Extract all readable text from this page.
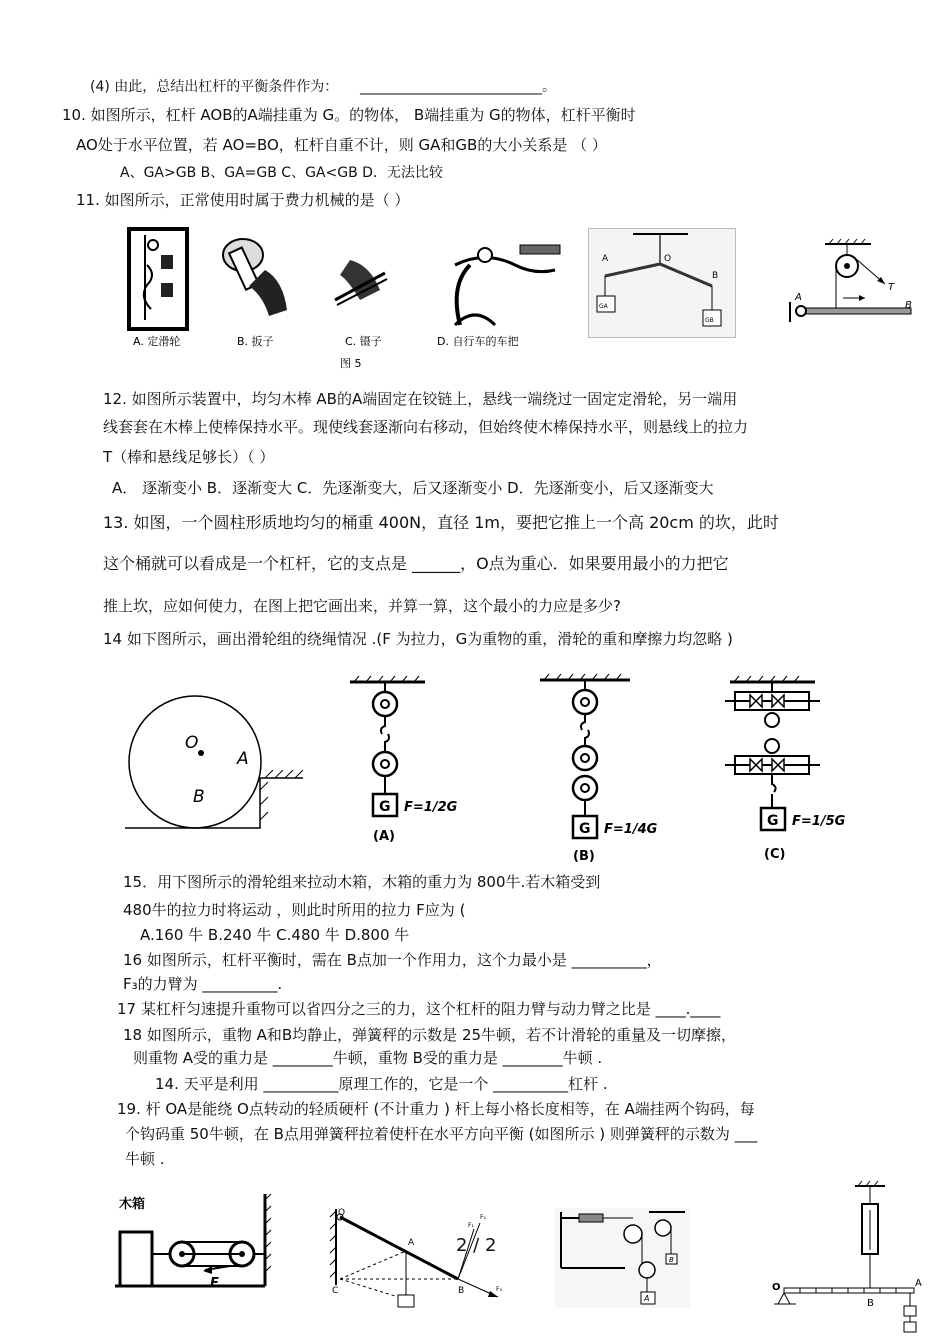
(4) 由此，总结出杠杆的平衡条件作为： __________________________。
10. 如图所示，杠杆 AOB的A端挂重为 G。的物体， B端挂重为 G的物体，杠杆平衡时
AO处于水平位置，若 AO=BO，杠杆自重不计，则 GA和GB的大小关系是 （ ）
A、GA>GB B、GA=GB C、GA<GB D．无法比较
11. 如图所示，正常使用时属于费力机械的是（ ）
12. 如图所示装置中，均匀木棒 AB的A端固定在铰链上，悬线一端绕过一固定定滑轮，另一端用
线套套在木棒上使棒保持水平。现使线套逐渐向右移动，但始终使木棒保持水平，则悬线上的拉力
T（棒和悬线足够长）（ ）
A． 逐渐变小 B．逐渐变大 C．先逐渐变大，后又逐渐变小 D．先逐渐变小，后又逐渐变大
13. 如图，一个圆柱形质地均匀的桶重 400N，直径 1m，要把它推上一个高 20cm 的坎，此时
这个桶就可以看成是一个杠杆，它的支点是 ______，O点为重心．如果要用最小的力把它
推上坎，应如何使力，在图上把它画出来，并算一算，这个最小的力应是多少?
14 如下图所示，画出滑轮组的绕绳情况 .(F 为拉力，G为重物的重，滑轮的重和摩擦力均忽略 )
15．用下图所示的滑轮组来拉动木箱，木箱的重力为 800牛.若木箱受到
480牛的拉力时将运动 ，则此时所用的拉力 F应为 (
A.160 牛 B.240 牛 C.480 牛 D.800 牛
16 如图所示，杠杆平衡时，需在 B点加一个作用力，这个力最小是 __________，
F₃的力臂为 __________.
17 某杠杆匀速提升重物可以省四分之三的力，这个杠杆的阻力臂与动力臂之比是 ____.____
18 如图所示，重物 A和B均静止，弹簧秤的示数是 25牛顿，若不计滑轮的重量及一切摩擦，
则重物 A受的重力是 ________牛顿，重物 B受的重力是 ________牛顿 .
14. 天平是利用 __________原理工作的，它是一个 __________杠杆 .
19. 杆 OA是能绕 O点转动的轻质硬杆 (不计重力 ) 杆上每小格长度相等，在 A端挂两个钩码，每
个钩码重 50牛顿，在 B点用弹簧秤拉着使杆在水平方向平衡 (如图所示 ) 则弹簧秤的示数为 ___
牛顿 .
A. 定滑轮	B. 扳子	C. 镊子	D. 自行车的车把
图 5
A	O
B
GA
GB
A
B
T
O
A
B	G F=1/2G
(A)	G F=1/4G
(B)
G F=1/5G
(C)
木箱
F
O
A
B
C
F₁
F₂
F₃
2 / 2
B
A
O	A
B
